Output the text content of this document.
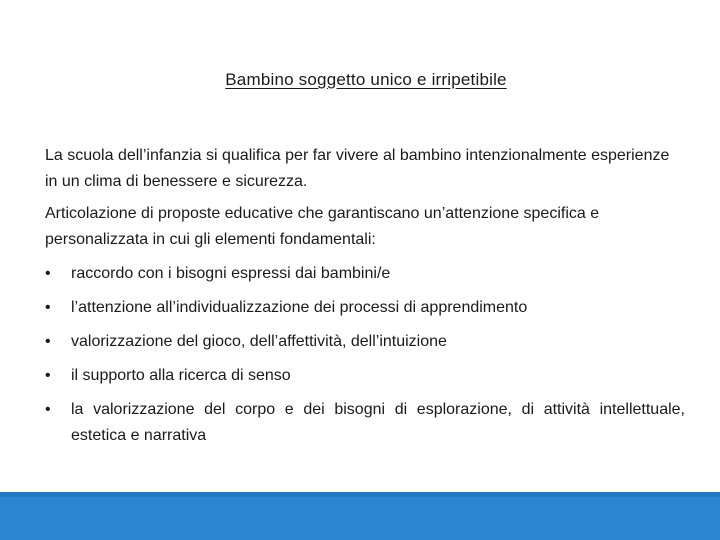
Bambino soggetto unico e irripetibile

La scuola dell’infanzia si qualifica per far vivere al bambino intenzionalmente esperienze in un clima di benessere e sicurezza.

Articolazione di proposte educative che garantiscano un’attenzione specifica e personalizzata in cui gli elementi fondamentali:

• raccordo con i bisogni espressi dai bambini/e
• l’attenzione all’individualizzazione dei processi di apprendimento
• valorizzazione del gioco, dell’affettività, dell’intuizione
• il supporto alla ricerca di senso
• la valorizzazione del corpo e dei bisogni di esplorazione, di attività intellettuale, estetica e narrativa
